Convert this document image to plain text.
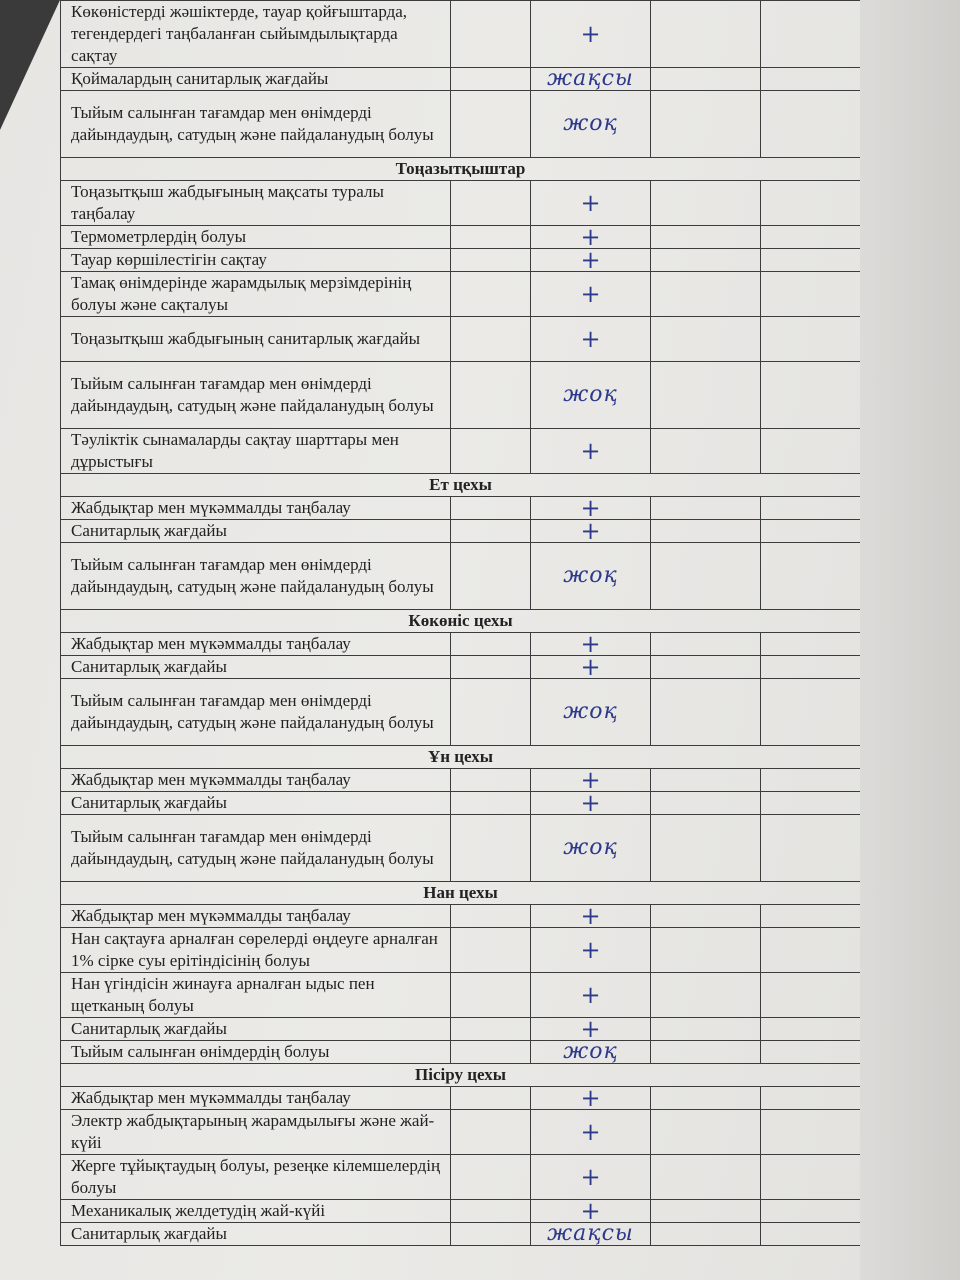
Көкөністерді жәшіктерде, тауар қойғыштарда, тегендердегі таңбаланған сыйымдылықтарда сақтау		+		
Қоймалардың санитарлық жағдайы		жақсы		
Тыйым салынған тағамдар мен өнімдерді дайындаудың, сатудың және пайдаланудың болуы		жоқ		
Тоңазытқыштар				
Тоңазытқыш жабдығының мақсаты туралы таңбалау		+		
Термометрлердің болуы		+		
Тауар көршілестігін сақтау		+		
Тамақ өнімдерінде жарамдылық мерзімдерінің болуы және сақталуы		+		
Тоңазытқыш жабдығының санитарлық жағдайы		+		
Тыйым салынған тағамдар мен өнімдерді дайындаудың, сатудың және пайдаланудың болуы		жоқ		
Тәуліктік сынамаларды сақтау шарттары мен дұрыстығы		+		
Ет цехы				
Жабдықтар мен мүкәммалды таңбалау		+		
Санитарлық жағдайы		+		
Тыйым салынған тағамдар мен өнімдерді дайындаудың, сатудың және пайдаланудың болуы		жоқ		
Көкөніс цехы				
Жабдықтар мен мүкәммалды таңбалау		+		
Санитарлық жағдайы		+		
Тыйым салынған тағамдар мен өнімдерді дайындаудың, сатудың және пайдаланудың болуы		жоқ		
Ұн цехы				
Жабдықтар мен мүкәммалды таңбалау		+		
Санитарлық жағдайы		+		
Тыйым салынған тағамдар мен өнімдерді дайындаудың, сатудың және пайдаланудың болуы		жоқ		
Нан цехы				
Жабдықтар мен мүкәммалды таңбалау		+		
Нан сақтауға арналған сөрелерді өңдеуге арналған 1% сірке суы ерітіндісінің болуы		+		
Нан үгіндісін жинауға арналған ыдыс пен щетканың болуы		+		
Санитарлық жағдайы		+		
Тыйым салынған өнімдердің болуы		жоқ		
Пісіру цехы				
Жабдықтар мен мүкәммалды таңбалау		+		
Электр жабдықтарының жарамдылығы және жай-күйі		+		
Жерге тұйықтаудың болуы, резеңке кілемшелердің болуы		+		
Механикалық желдетудің жай-күйі		+		
Санитарлық жағдайы		жақсы		
